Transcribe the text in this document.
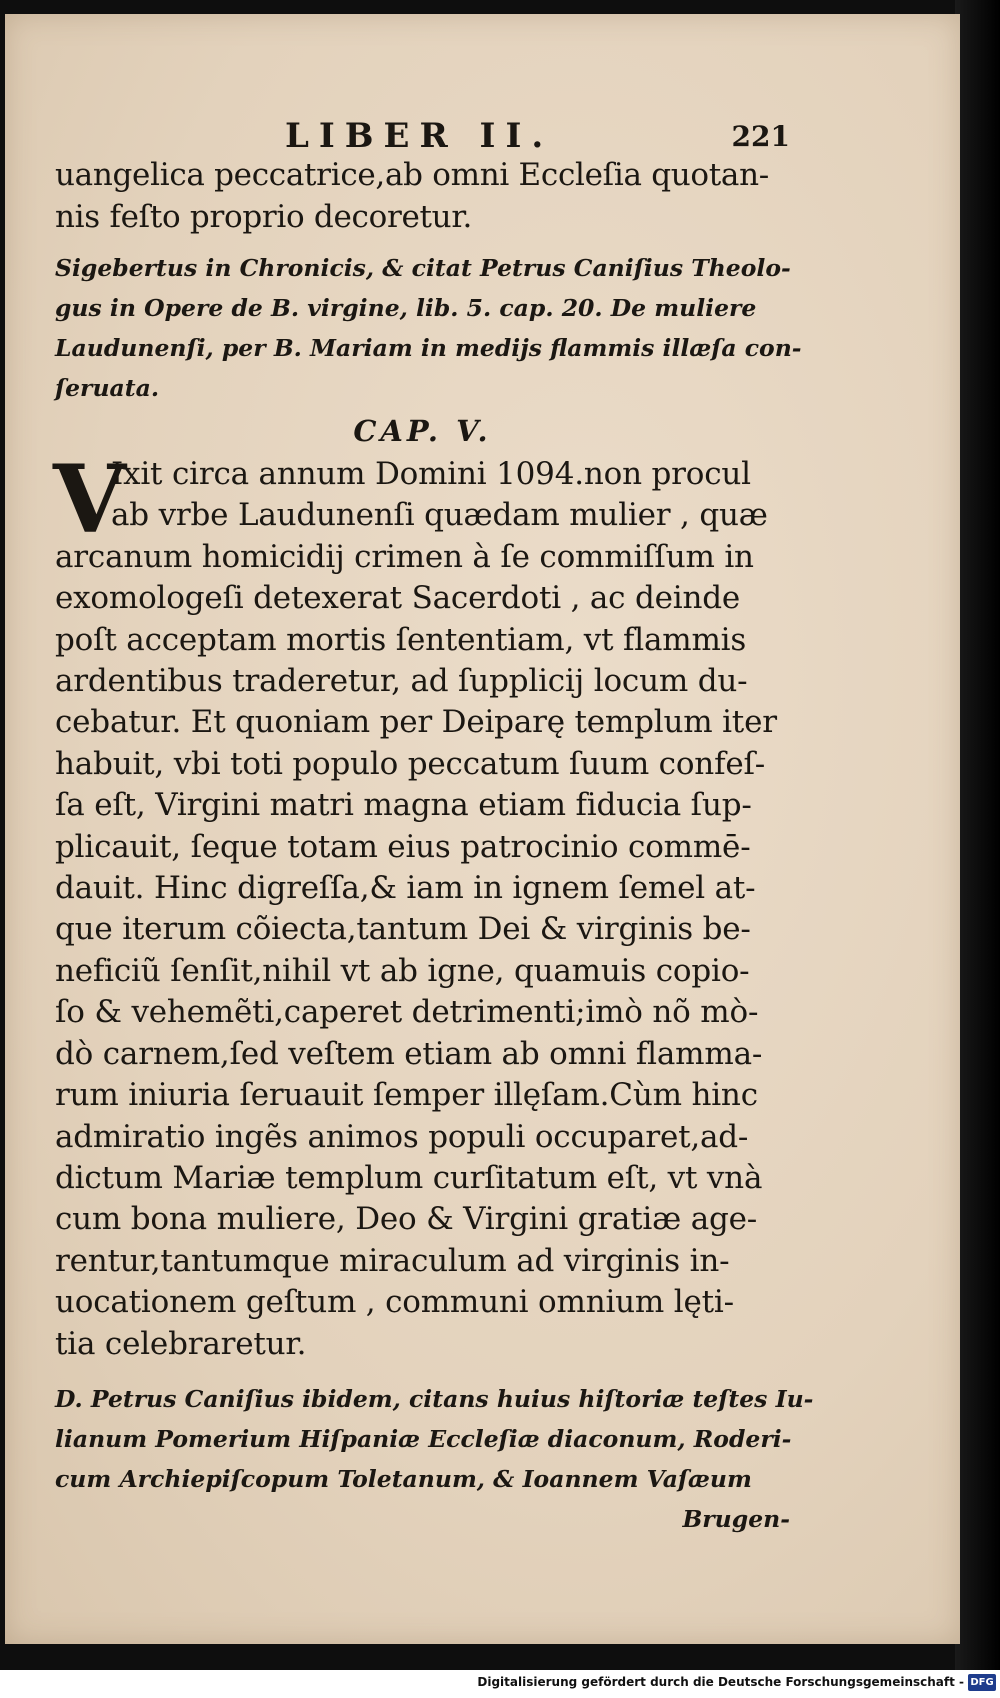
LIBER II.	221
uangelica peccatrice,ab omni Eccleſia quotan-
nis feſto proprio decoretur.
Sigebertus in Chronicis, & citat Petrus Caniſius Theolo-
gus in Opere de B. virgine, lib. 5. cap. 20. De muliere
Laudunenſi, per B. Mariam in medijs flammis illæſa con-
ſeruata.
CAP. V.
V
Ixit circa annum Domini 1094.non procul
ab vrbe Laudunenſi quædam mulier , quæ
arcanum homicidij crimen à ſe commiſſum in
exomologeſi detexerat Sacerdoti , ac deinde
poſt acceptam mortis ſententiam, vt flammis
ardentibus traderetur, ad ſupplicij locum du-
cebatur. Et quoniam per Deiparę templum iter
habuit, vbi toti populo peccatum ſuum confeſ-
ſa eſt, Virgini matri magna etiam fiducia ſup-
plicauit, ſeque totam eius patrocinio commē-
dauit. Hinc digreſſa,& iam in ignem ſemel at-
que iterum cõiecta,tantum Dei & virginis be-
neficiũ ſenſit,nihil vt ab igne, quamuis copio-
ſo & vehemẽti,caperet detrimenti;imò nõ mò-
dò carnem,ſed veſtem etiam ab omni flamma-
rum iniuria ſeruauit ſemper illęſam.Cùm hinc
admiratio ingẽs animos populi occuparet,ad-
dictum Mariæ templum curſitatum eſt, vt vnà
cum bona muliere, Deo & Virgini gratiæ age-
rentur,tantumque miraculum ad virginis in-
uocationem geſtum , communi omnium lęti-
tia celebraretur.
D. Petrus Caniſius ibidem, citans huius hiſtoriæ teſtes Iu-
lianum Pomerium Hiſpaniæ Eccleſiæ diaconum, Roderi-
cum Archiepiſcopum Toletanum, & Ioannem Vaſæum
Brugen-
Digitalisierung gefördert durch die Deutsche Forschungsgemeinschaft - DFG
